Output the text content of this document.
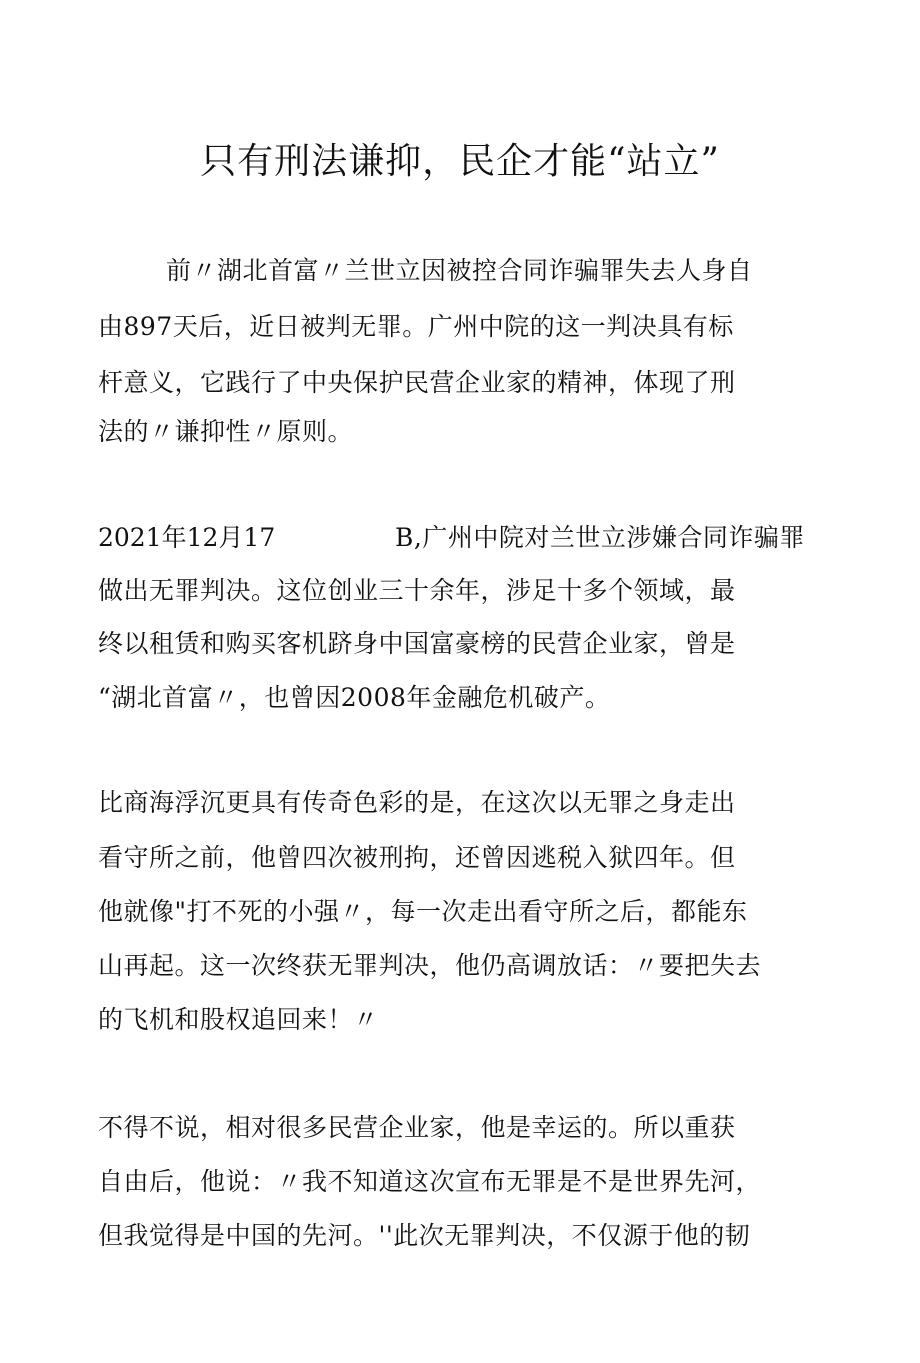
只有刑法谦抑，民企才能“站立”
前〃湖北首富〃兰世立因被控合同诈骗罪失去人身自
由897天后，近日被判无罪。广州中院的这一判决具有标
杆意义，它践行了中央保护民营企业家的精神，体现了刑
法的〃谦抑性〃原则。
2021年12月17	B,广州中院对兰世立涉嫌合同诈骗罪
做出无罪判决。这位创业三十余年，涉足十多个领域，最
终以租赁和购买客机跻身中国富豪榜的民营企业家，曾是
“湖北首富〃，也曾因2008年金融危机破产。
比商海浮沉更具有传奇色彩的是，在这次以无罪之身走出
看守所之前，他曾四次被刑拘，还曾因逃税入狱四年。但
他就像"打不死的小强〃，每一次走出看守所之后，都能东
山再起。这一次终获无罪判决，他仍高调放话：〃要把失去
的飞机和股权追回来！〃
不得不说，相对很多民营企业家，他是幸运的。所以重获
自由后，他说：〃我不知道这次宣布无罪是不是世界先河，
但我觉得是中国的先河。''此次无罪判决，不仅源于他的韧
